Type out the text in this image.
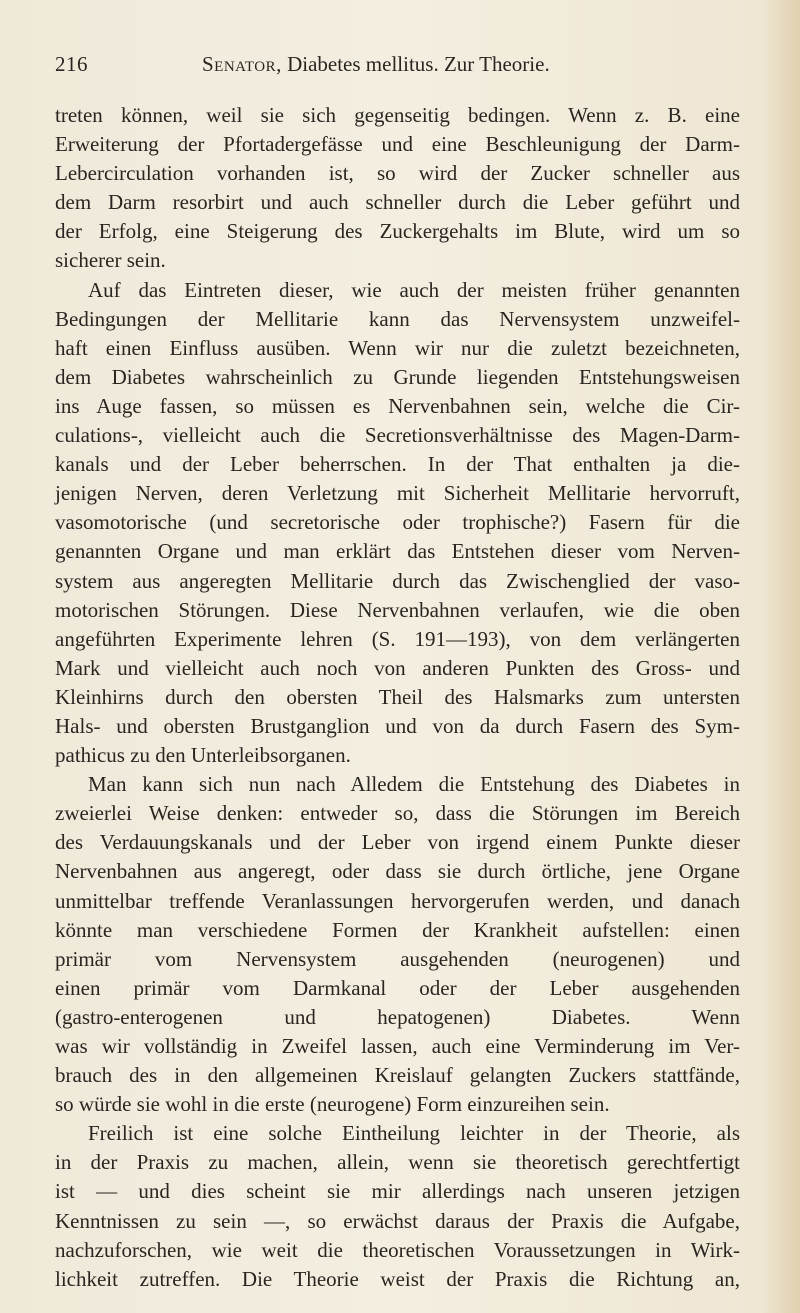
216	Senator, Diabetes mellitus. Zur Theorie.
treten können, weil sie sich gegenseitig bedingen. Wenn z. B. eine
Erweiterung der Pfortadergefässe und eine Beschleunigung der Darm-
Lebercirculation vorhanden ist, so wird der Zucker schneller aus
dem Darm resorbirt und auch schneller durch die Leber geführt und
der Erfolg, eine Steigerung des Zuckergehalts im Blute, wird um so
sicherer sein.
Auf das Eintreten dieser, wie auch der meisten früher genannten
Bedingungen der Mellitarie kann das Nervensystem unzweifel-
haft einen Einfluss ausüben. Wenn wir nur die zuletzt bezeichneten,
dem Diabetes wahrscheinlich zu Grunde liegenden Entstehungsweisen
ins Auge fassen, so müssen es Nervenbahnen sein, welche die Cir-
culations-, vielleicht auch die Secretionsverhältnisse des Magen-Darm-
kanals und der Leber beherrschen. In der That enthalten ja die-
jenigen Nerven, deren Verletzung mit Sicherheit Mellitarie hervorruft,
vasomotorische (und secretorische oder trophische?) Fasern für die
genannten Organe und man erklärt das Entstehen dieser vom Nerven-
system aus angeregten Mellitarie durch das Zwischenglied der vaso-
motorischen Störungen. Diese Nervenbahnen verlaufen, wie die oben
angeführten Experimente lehren (S. 191—193), von dem verlängerten
Mark und vielleicht auch noch von anderen Punkten des Gross- und
Kleinhirns durch den obersten Theil des Halsmarks zum untersten
Hals- und obersten Brustganglion und von da durch Fasern des Sym-
pathicus zu den Unterleibsorganen.
Man kann sich nun nach Alledem die Entstehung des Diabetes in
zweierlei Weise denken: entweder so, dass die Störungen im Bereich
des Verdauungskanals und der Leber von irgend einem Punkte dieser
Nervenbahnen aus angeregt, oder dass sie durch örtliche, jene Organe
unmittelbar treffende Veranlassungen hervorgerufen werden, und danach
könnte man verschiedene Formen der Krankheit aufstellen: einen
primär vom Nervensystem ausgehenden (neurogenen) und
einen primär vom Darmkanal oder der Leber ausgehenden
(gastro-enterogenen und hepatogenen) Diabetes. Wenn
was wir vollständig in Zweifel lassen, auch eine Verminderung im Ver-
brauch des in den allgemeinen Kreislauf gelangten Zuckers stattfände,
so würde sie wohl in die erste (neurogene) Form einzureihen sein.
Freilich ist eine solche Eintheilung leichter in der Theorie, als
in der Praxis zu machen, allein, wenn sie theoretisch gerechtfertigt
ist — und dies scheint sie mir allerdings nach unseren jetzigen
Kenntnissen zu sein —, so erwächst daraus der Praxis die Aufgabe,
nachzuforschen, wie weit die theoretischen Voraussetzungen in Wirk-
lichkeit zutreffen. Die Theorie weist der Praxis die Richtung an,
